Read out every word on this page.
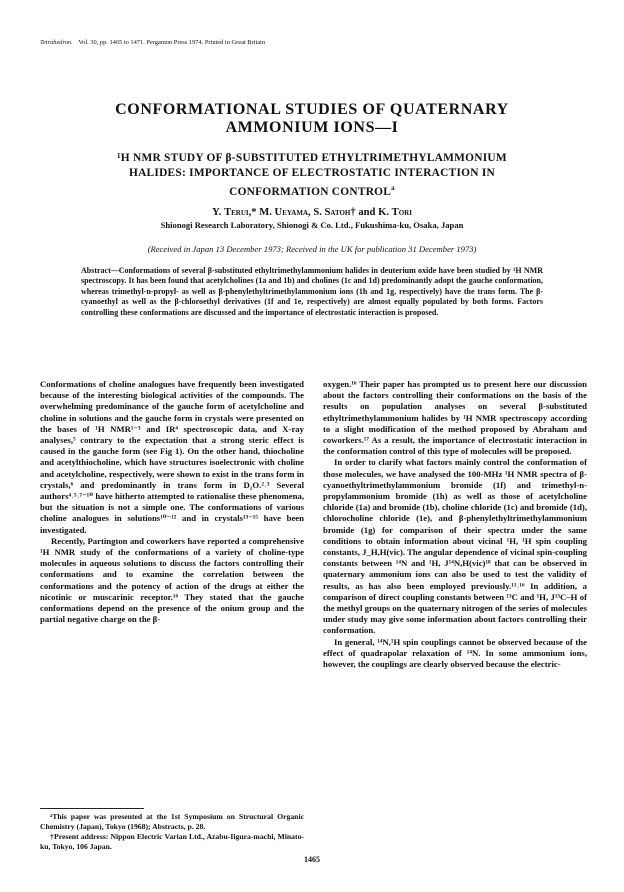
Tetrahedron. Vol. 30, pp. 1465 to 1471. Pergamon Press 1974. Printed in Great Britain
CONFORMATIONAL STUDIES OF QUATERNARY
AMMONIUM IONS—I
¹H NMR STUDY OF β-SUBSTITUTED ETHYLTRIMETHYLAMMONIUM
HALIDES: IMPORTANCE OF ELECTROSTATIC INTERACTION IN
CONFORMATION CONTROL$^a$
Y. Terui,* M. Ueyama, S. Satoh† and K. Tori
Shionogi Research Laboratory, Shionogi & Co. Ltd., Fukushima-ku, Osaka, Japan
(Received in Japan 13 December 1973; Received in the UK for publication 31 December 1973)
Abstract—Conformations of several β-substituted ethyltrimethylammonium halides in deuterium oxide have been studied by ¹H NMR spectroscopy. It has been found that acetylcholines (1a and 1b) and cholines (1c and 1d) predominantly adopt the gauche conformation, whereas trimethyl-n-propyl- as well as β-phenylethyltrimethylammonium ions (1h and 1g, respectively) have the trans form. The β-cyanoethyl as well as the β-chloroethyl derivatives (1f and 1e, respectively) are almost equally populated by both forms. Factors controlling these conformations are discussed and the importance of electrostatic interaction is proposed.

Conformations of choline analogues have frequently been investigated because of the interesting biological activities of the compounds. The overwhelming predominance of the gauche form of acetylcholine and choline in solutions and the gauche form in crystals were presented on the bases of ¹H NMR¹⁻³ and IR⁴ spectroscopic data, and X-ray analyses,⁵ contrary to the expectation that a strong steric effect is caused in the gauche form (see Fig 1). On the other hand, thiocholine and acetylthiocholine, which have structures isoelectronic with choline and acetylcholine, respectively, were shown to exist in the trans form in crystals,⁶ and predominantly in trans form in D₂O.²˒³ Several authors⁴˒⁵˒⁷⁻¹⁰ have hitherto attempted to rationalise these phenomena, but the situation is not a simple one. The conformations of various choline analogues in solutions¹⁰⁻¹² and in crystals¹³⁻¹⁵ have been investigated.

Recently, Partington and coworkers have reported a comprehensive ¹H NMR study of the conformations of a variety of choline-type molecules in aqueous solutions to discuss the factors controlling their conformations and to examine the correlation between the conformations and the potency of action of the drugs at either the nicotinic or muscarinic receptor.¹⁶ They stated that the gauche conformations depend on the presence of the onium group and the partial negative charge on the β-

oxygen.¹⁶ Their paper has prompted us to present here our discussion about the factors controlling their conformations on the basis of the results on population analyses on several β-substituted ethyltrimethylammonium halides by ¹H NMR spectroscopy according to a slight modification of the method proposed by Abraham and coworkers.¹⁷ As a result, the importance of electrostatic interaction in the conformation control of this type of molecules will be proposed.

In order to clarify what factors mainly control the conformation of those molecules, we have analysed the 100-MHz ¹H NMR spectra of β-cyanoethyltrimethylammonium bromide (1f) and trimethyl-n-propylammonium bromide (1h) as well as those of acetylcholine chloride (1a) and bromide (1b), choline chloride (1c) and bromide (1d), chlorocholine chloride (1e), and β-phenylethyltrimethylammonium bromide (1g) for comparison of their spectra under the same conditions to obtain information about vicinal ¹H, ¹H spin coupling constants, J_H,H(vic). The angular dependence of vicinal spin-coupling constants between ¹⁴N and ¹H, J¹⁴N,H(vic)¹⁸ that can be observed in quaternary ammonium ions can also be used to test the validity of results, as has also been employed previously.¹¹˒¹⁶ In addition, a comparison of direct coupling constants between ¹³C and ¹H, J¹³C–H of the methyl groups on the quaternary nitrogen of the series of molecules under study may give some information about factors controlling their conformation.

In general, ¹⁴N,¹H spin couplings cannot be observed because of the effect of quadrapolar relaxation of ¹⁴N. In some ammonium ions, however, the couplings are clearly observed because the electric-

ᵃThis paper was presented at the 1st Symposium on Structural Organic Chemistry (Japan), Tokyo (1968); Abstracts, p. 28.

†Present address: Nippon Electric Varian Ltd., Azabu-Iigura-machi, Minato-ku, Tokyo, 106 Japan.

1465
